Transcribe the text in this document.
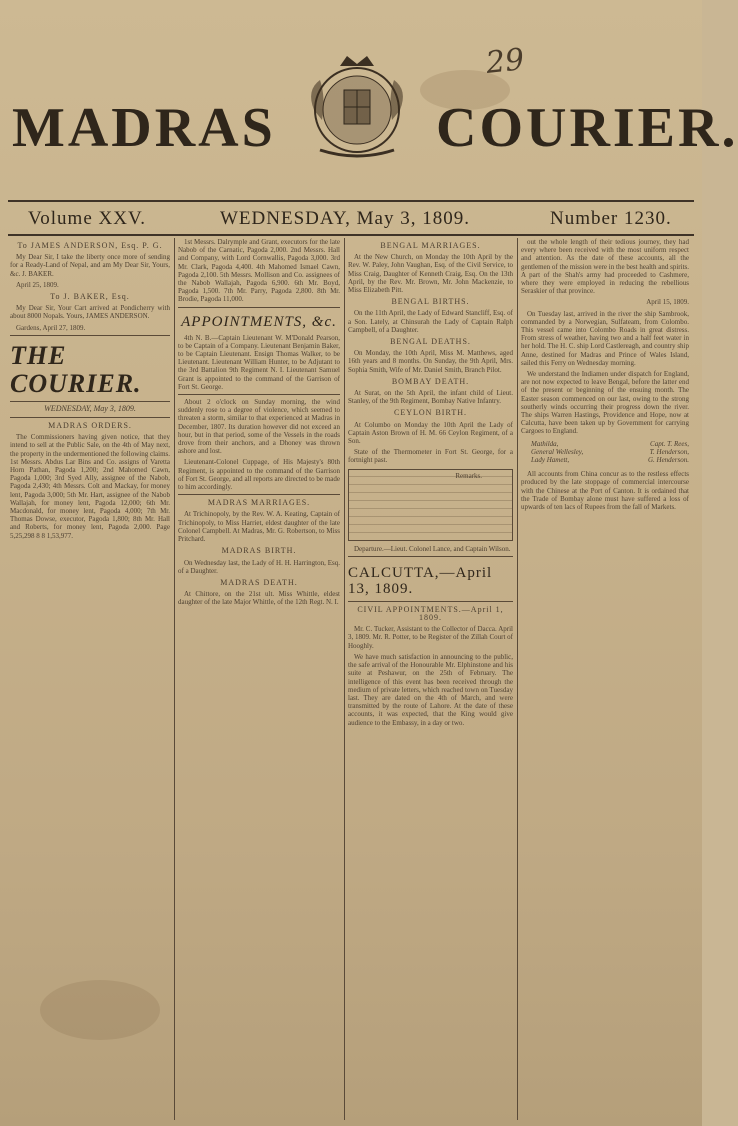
29
MADRAS	COURIER.
Volume XXV.	WEDNESDAY, May 3, 1809.	Number 1230.

To JAMES ANDERSON, Esq. P. G.

My Dear Sir, I take the liberty once more of sending for a Ready-Land of Nepal, and am My Dear Sir, Yours, &c. J. BAKER.

April 25, 1809.

To J. BAKER, Esq.

My Dear Sir, Your Cart arrived at Pondicherry with about 8000 Nopals. Yours, JAMES ANDERSON.

Gardens, April 27, 1809.

THE COURIER.
WEDNESDAY, May 3, 1809.

MADRAS ORDERS.

The Commissioners having given notice, that they intend to sell at the Public Sale, on the 4th of May next, the property in the undermentioned the following claims. 1st Messrs. Abdus Lar Bins and Co. assigns of Varetta Horn Pathan, Pagoda 1,200; 2nd Mahomed Cawn, Pagoda 1,000; 3rd Syed Ally, assignee of the Nabob, Pagoda 2,430; 4th Messrs. Colt and Mackay, for money lent, Pagoda 3,000; 5th Mr. Hart, assignee of the Nabob Wallajah, for money lent, Pagoda 12,000; 6th Mr. Macdonald, for money lent, Pagoda 4,000; 7th Mr. Thomas Dowse, executor, Pagoda 1,800; 8th Mr. Hall and Roberts, for money lent, Pagoda 2,000. Page 5,25,298 8 8 1,53,977.

1st Messrs. Dalrymple and Grant, executors for the late Nabob of the Carnatic, Pagoda 2,000. 2nd Messrs. Hall and Company, with Lord Cornwallis, Pagoda 3,000. 3rd Mr. Clark, Pagoda 4,400. 4th Mahomed Ismael Cawn, Pagoda 2,100. 5th Messrs. Mollison and Co. assignees of the Nabob Wallajah, Pagoda 6,900. 6th Mr. Boyd, Pagoda 1,500. 7th Mr. Parry, Pagoda 2,800. 8th Mr. Brodie, Pagoda 11,000.

APPOINTMENTS, &c.

4th N. B.—Captain Lieutenant W. M'Donald Pearson, to be Captain of a Company. Lieutenant Benjamin Baker, to be Captain Lieutenant. Ensign Thomas Walker, to be Lieutenant. Lieutenant William Hunter, to be Adjutant to the 3rd Battalion 9th Regiment N. I. Lieutenant Samuel Grant is appointed to the command of the Garrison of Fort St. George.

About 2 o'clock on Sunday morning, the wind suddenly rose to a degree of violence, which seemed to threaten a storm, similar to that experienced at Madras in December, 1807. Its duration however did not exceed an hour, but in that period, some of the Vessels in the roads drove from their anchors, and a Dhoney was thrown ashore and lost.

Lieutenant-Colonel Cuppage, of His Majesty's 80th Regiment, is appointed to the command of the Garrison of Fort St. George, and all reports are directed to be made to him accordingly.

MADRAS MARRIAGES.

At Trichinopoly, by the Rev. W. A. Keating, Captain of Trichinopoly, to Miss Harriet, eldest daughter of the late Colonel Campbell. At Madras, Mr. G. Robertson, to Miss Pritchard.

MADRAS BIRTH.

On Wednesday last, the Lady of H. H. Harrington, Esq. of a Daughter.

MADRAS DEATH.

At Chittore, on the 21st ult. Miss Whittle, eldest daughter of the late Major Whittle, of the 12th Regt. N. I.

BENGAL MARRIAGES.

At the New Church, on Monday the 10th April by the Rev. W. Paley, John Vaughan, Esq. of the Civil Service, to Miss Craig, Daughter of Kenneth Craig, Esq. On the 13th April, by the Rev. Mr. Brown, Mr. John Mackenzie, to Miss Elizabeth Pitt.

BENGAL BIRTHS.

On the 11th April, the Lady of Edward Stancliff, Esq. of a Son. Lately, at Chinsurah the Lady of Captain Ralph Campbell, of a Daughter.

BENGAL DEATHS.

On Monday, the 10th April, Miss M. Matthews, aged 16th years and 8 months. On Sunday, the 9th April, Mrs. Sophia Smith, Wife of Mr. Daniel Smith, Branch Pilot.

BOMBAY DEATH.

At Surat, on the 5th April, the infant child of Lieut. Stanley, of the 9th Regiment, Bombay Native Infantry.

CEYLON BIRTH.

At Columbo on Monday the 10th April the Lady of Captain Aston Brown of H. M. 66 Ceylon Regiment, of a Son.

State of the Thermometer in Fort St. George, for a fortnight past.

Remarks.

Departure.—Lieut. Colonel Lance, and Captain Wilson.

CALCUTTA,—April 13, 1809.

CIVIL APPOINTMENTS.—April 1, 1809.

Mr. C. Tucker, Assistant to the Collector of Dacca. April 3, 1809. Mr. R. Potter, to be Register of the Zillah Court of Hooghly.

We have much satisfaction in announcing to the public, the safe arrival of the Honourable Mr. Elphinstone and his suite at Peshawur, on the 25th of February. The intelligence of this event has been received through the medium of private letters, which reached town on Tuesday last. They are dated on the 4th of March, and were transmitted by the route of Lahore. At the date of these accounts, it was expected, that the King would give audience to the Embassy, in a day or two.

out the whole length of their tedious journey, they had every where been received with the most uniform respect and attention. As the date of these accounts, all the gentlemen of the mission were in the best health and spirits. A part of the Shah's army had proceeded to Cashmere, where they were employed in reducing the rebellious Seraskier of that province.

April 15, 1809.

On Tuesday last, arrived in the river the ship Sambrook, commanded by a Norwegian, Sulfateam, from Colombo. This vessel came into Colombo Roads in great distress. From stress of weather, having two and a half feet water in her hold. The H. C. ship Lord Castlereagh, and country ship Anne, destined for Madras and Prince of Wales Island, sailed this Ferry on Wednesday morning.

We understand the Indiamen under dispatch for England, are not now expected to leave Bengal, before the latter end of the present or beginning of the ensuing month. The Easter season commenced on our last, owing to the strong southerly winds occurring their progress down the river. The ships Warren Hastings, Providence and Hope, now at Calcutta, have been taken up by Government for carrying Cargoes to England.

Mathilda,	Capt. T. Rees,
General Wellesley,	T. Henderson,
Lady Hamett,	G. Henderson.

All accounts from China concur as to the restless effects produced by the late stoppage of commercial intercourse with the Chinese at the Port of Canton. It is ordained that the Trade of Bombay alone must have suffered a loss of upwards of ten lacs of Rupees from the fall of Markets.
